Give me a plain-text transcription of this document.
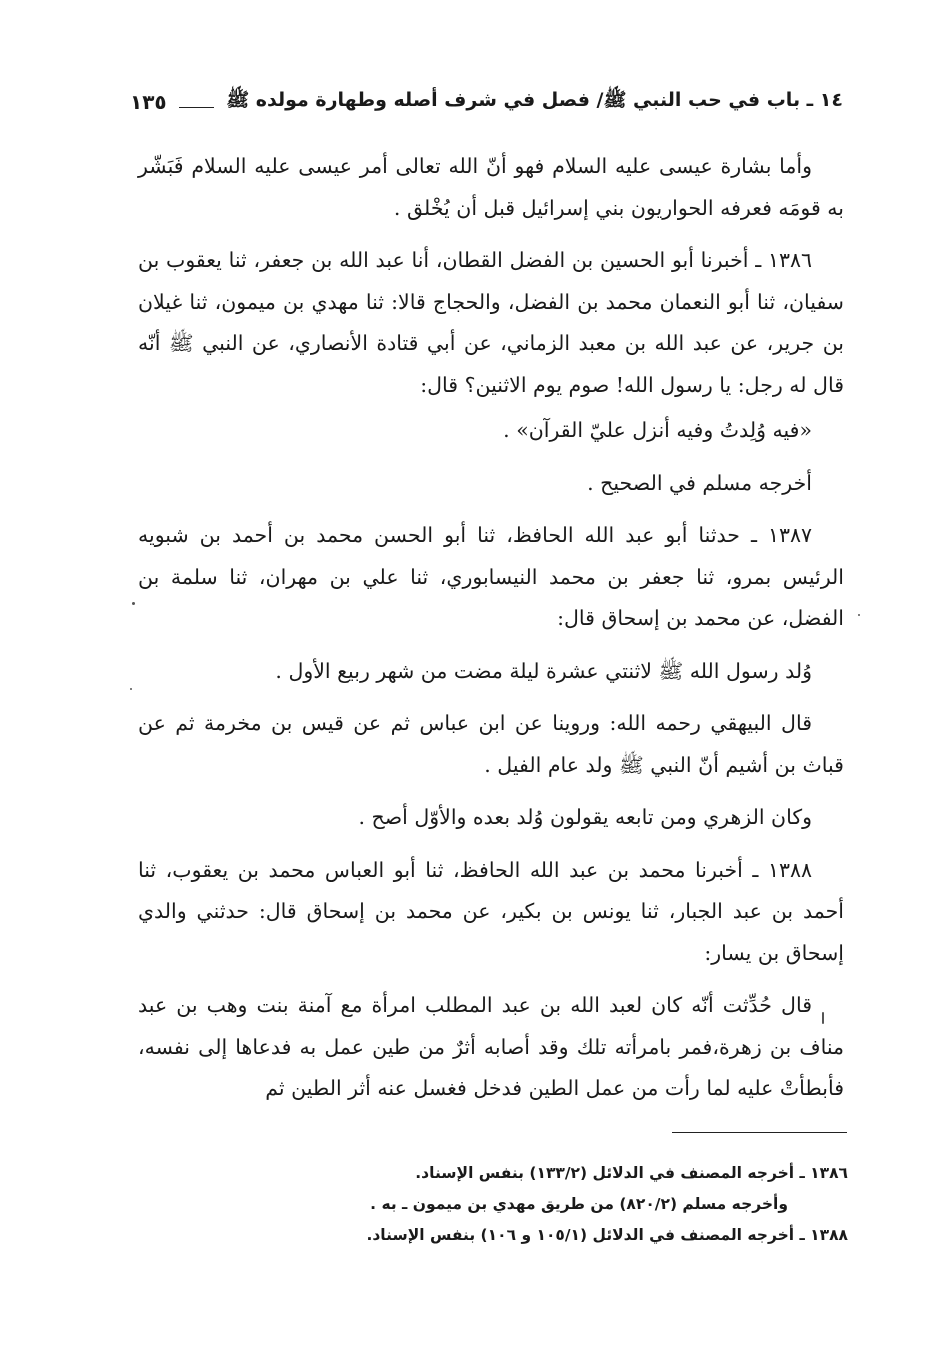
١٤ ـ باب في حب النبي ﷺ/ فصل في شرف أصله وطهارة مولده ﷺ
١٣٥

وأما بشارة عيسى عليه السلام فهو أنّ الله تعالى أمر عيسى عليه السلام فَبَشّر به قومَه فعرفه الحواريون بني إسرائيل قبل أن يُخْلق .

١٣٨٦ ـ أخبرنا أبو الحسين بن الفضل القطان، أنا عبد الله بن جعفر، ثنا يعقوب بن سفيان، ثنا أبو النعمان محمد بن الفضل، والحجاج قالا: ثنا مهدي بن ميمون، ثنا غيلان بن جرير، عن عبد الله بن معبد الزماني، عن أبي قتادة الأنصاري، عن النبي ﷺ أنّه قال له رجل: يا رسول الله! صوم يوم الاثنين؟ قال:

«فيه وُلِدتُ وفيه أنزل عليّ القرآن» .

أخرجه مسلم في الصحيح .

١٣٨٧ ـ حدثنا أبو عبد الله الحافظ، ثنا أبو الحسن محمد بن أحمد بن شبويه الرئيس بمرو، ثنا جعفر بن محمد النيسابوري، ثنا علي بن مهران، ثنا سلمة بن الفضل، عن محمد بن إسحاق قال:

وُلد رسول الله ﷺ لاثنتي عشرة ليلة مضت من شهر ربيع الأول .

قال البيهقي رحمه الله: وروينا عن ابن عباس ثم عن قيس بن مخرمة ثم عن قباث بن أشيم أنّ النبي ﷺ ولد عام الفيل .

وكان الزهري ومن تابعه يقولون وُلد بعده والأوّل أصح .

١٣٨٨ ـ أخبرنا محمد بن عبد الله الحافظ، ثنا أبو العباس محمد بن يعقوب، ثنا أحمد بن عبد الجبار، ثنا يونس بن بكير، عن محمد بن إسحاق قال: حدثني والدي إسحاق بن يسار:

قال حُدِّثت أنّه كان لعبد الله بن عبد المطلب امرأة مع آمنة بنت وهب بن عبد مناف بن زهرة،فمر بامرأته تلك وقد أصابه أثرٌ من طين عمل به فدعاها إلى نفسه، فأبطأتْ عليه لما رأت من عمل الطين فدخل فغسل عنه أثر الطين ثم

١٣٨٦ ـ أخرجه المصنف في الدلائل (١٣٣/٢) بنفس الإسناد.

وأخرجه مسلم (٨٢٠/٢) من طريق مهدي بن ميمون ـ به .

١٣٨٨ ـ أخرجه المصنف في الدلائل (١٠٥/١ و ١٠٦) بنفس الإسناد.
